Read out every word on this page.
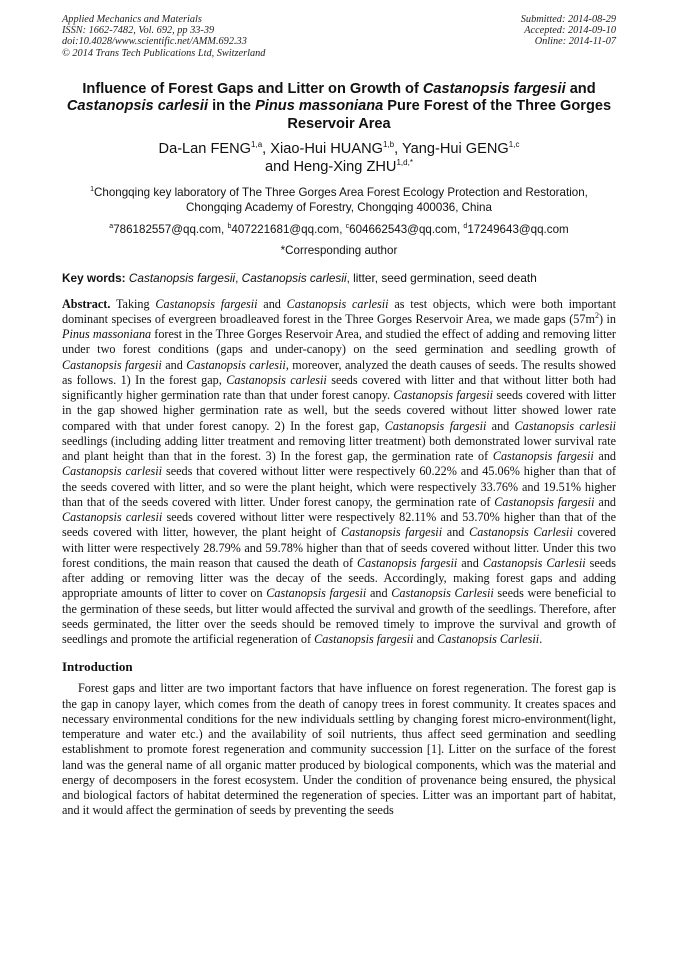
Applied Mechanics and Materials
ISSN: 1662-7482, Vol. 692, pp 33-39
doi:10.4028/www.scientific.net/AMM.692.33
© 2014 Trans Tech Publications Ltd, Switzerland
Submitted: 2014-08-29
Accepted: 2014-09-10
Online: 2014-11-07
Influence of Forest Gaps and Litter on Growth of Castanopsis fargesii and Castanopsis carlesii in the Pinus massoniana Pure Forest of the Three Gorges Reservoir Area
Da-Lan FENG$^{1,a}$, Xiao-Hui HUANG$^{1,b}$, Yang-Hui GENG$^{1,c}$
and Heng-Xing $ZHU^{1,d,*}$
$^1$Chongqing key laboratory of The Three Gorges Area Forest Ecology Protection and Restoration, Chongqing Academy of Forestry, Chongqing 400036, China
$^a$786182557@qq.com, $^b$407221681@qq.com, $^c$604662543@qq.com, $^d$17249643@qq.com
*Corresponding author
Key words: Castanopsis fargesii, Castanopsis carlesii, litter, seed germination, seed death
Abstract. Taking Castanopsis fargesii and Castanopsis carlesii as test objects, which were both important dominant specises of evergreen broadleaved forest in the Three Gorges Reservoir Area, we made gaps $(57m^2)$ in Pinus massoniana forest in the Three Gorges Reservoir Area, and studied the effect of adding and removing litter under two forest conditions (gaps and under-canopy) on the seed germination and seedling growth of Castanopsis fargesii and Castanopsis carlesii, moreover, analyzed the death causes of seeds. The results showed as follows. 1) In the forest gap, Castanopsis carlesii seeds covered with litter and that without litter both had significantly higher germination rate than that under forest canopy. Castanopsis fargesii seeds covered with litter in the gap showed higher germination rate as well, but the seeds covered without litter showed lower rate compared with that under forest canopy. 2) In the forest gap, Castanopsis fargesii and Castanopsis carlesii seedlings (including adding litter treatment and removing litter treatment) both demonstrated lower survival rate and plant height than that in the forest. 3) In the forest gap, the germination rate of Castanopsis fargesii and Castanopsis carlesii seeds that covered without litter were respectively 60.22% and 45.06% higher than that of the seeds covered with litter, and so were the plant height, which were respectively 33.76% and 19.51% higher than that of the seeds covered with litter. Under forest canopy, the germination rate of Castanopsis fargesii and Castanopsis carlesii seeds covered without litter were respectively 82.11% and 53.70% higher than that of the seeds covered with litter, however, the plant height of Castanopsis fargesii and Castanopsis Carlesii covered with litter were respectively 28.79% and 59.78% higher than that of seeds covered without litter. Under this two forest conditions, the main reason that caused the death of Castanopsis fargesii and Castanopsis Carlesii seeds after adding or removing litter was the decay of the seeds. Accordingly, making forest gaps and adding appropriate amounts of litter to cover on Castanopsis fargesii and Castanopsis Carlesii seeds were beneficial to the germination of these seeds, but litter would affected the survival and growth of the seedlings. Therefore, after seeds germinated, the litter over the seeds should be removed timely to improve the survival and growth of seedlings and promote the artificial regeneration of Castanopsis fargesii and Castanopsis Carlesii.
Introduction
Forest gaps and litter are two important factors that have influence on forest regeneration. The forest gap is the gap in canopy layer, which comes from the death of canopy trees in forest community. It creates spaces and necessary environmental conditions for the new individuals settling by changing forest micro-environment(light, temperature and water etc.) and the availability of soil nutrients, thus affect seed germination and seedling establishment to promote forest regeneration and community succession [1]. Litter on the surface of the forest land was the general name of all organic matter produced by biological components, which was the material and energy of decomposers in the forest ecosystem. Under the condition of provenance being ensured, the physical and biological factors of habitat determined the regeneration of species. Litter was an important part of habitat, and it would affect the germination of seeds by preventing the seeds
